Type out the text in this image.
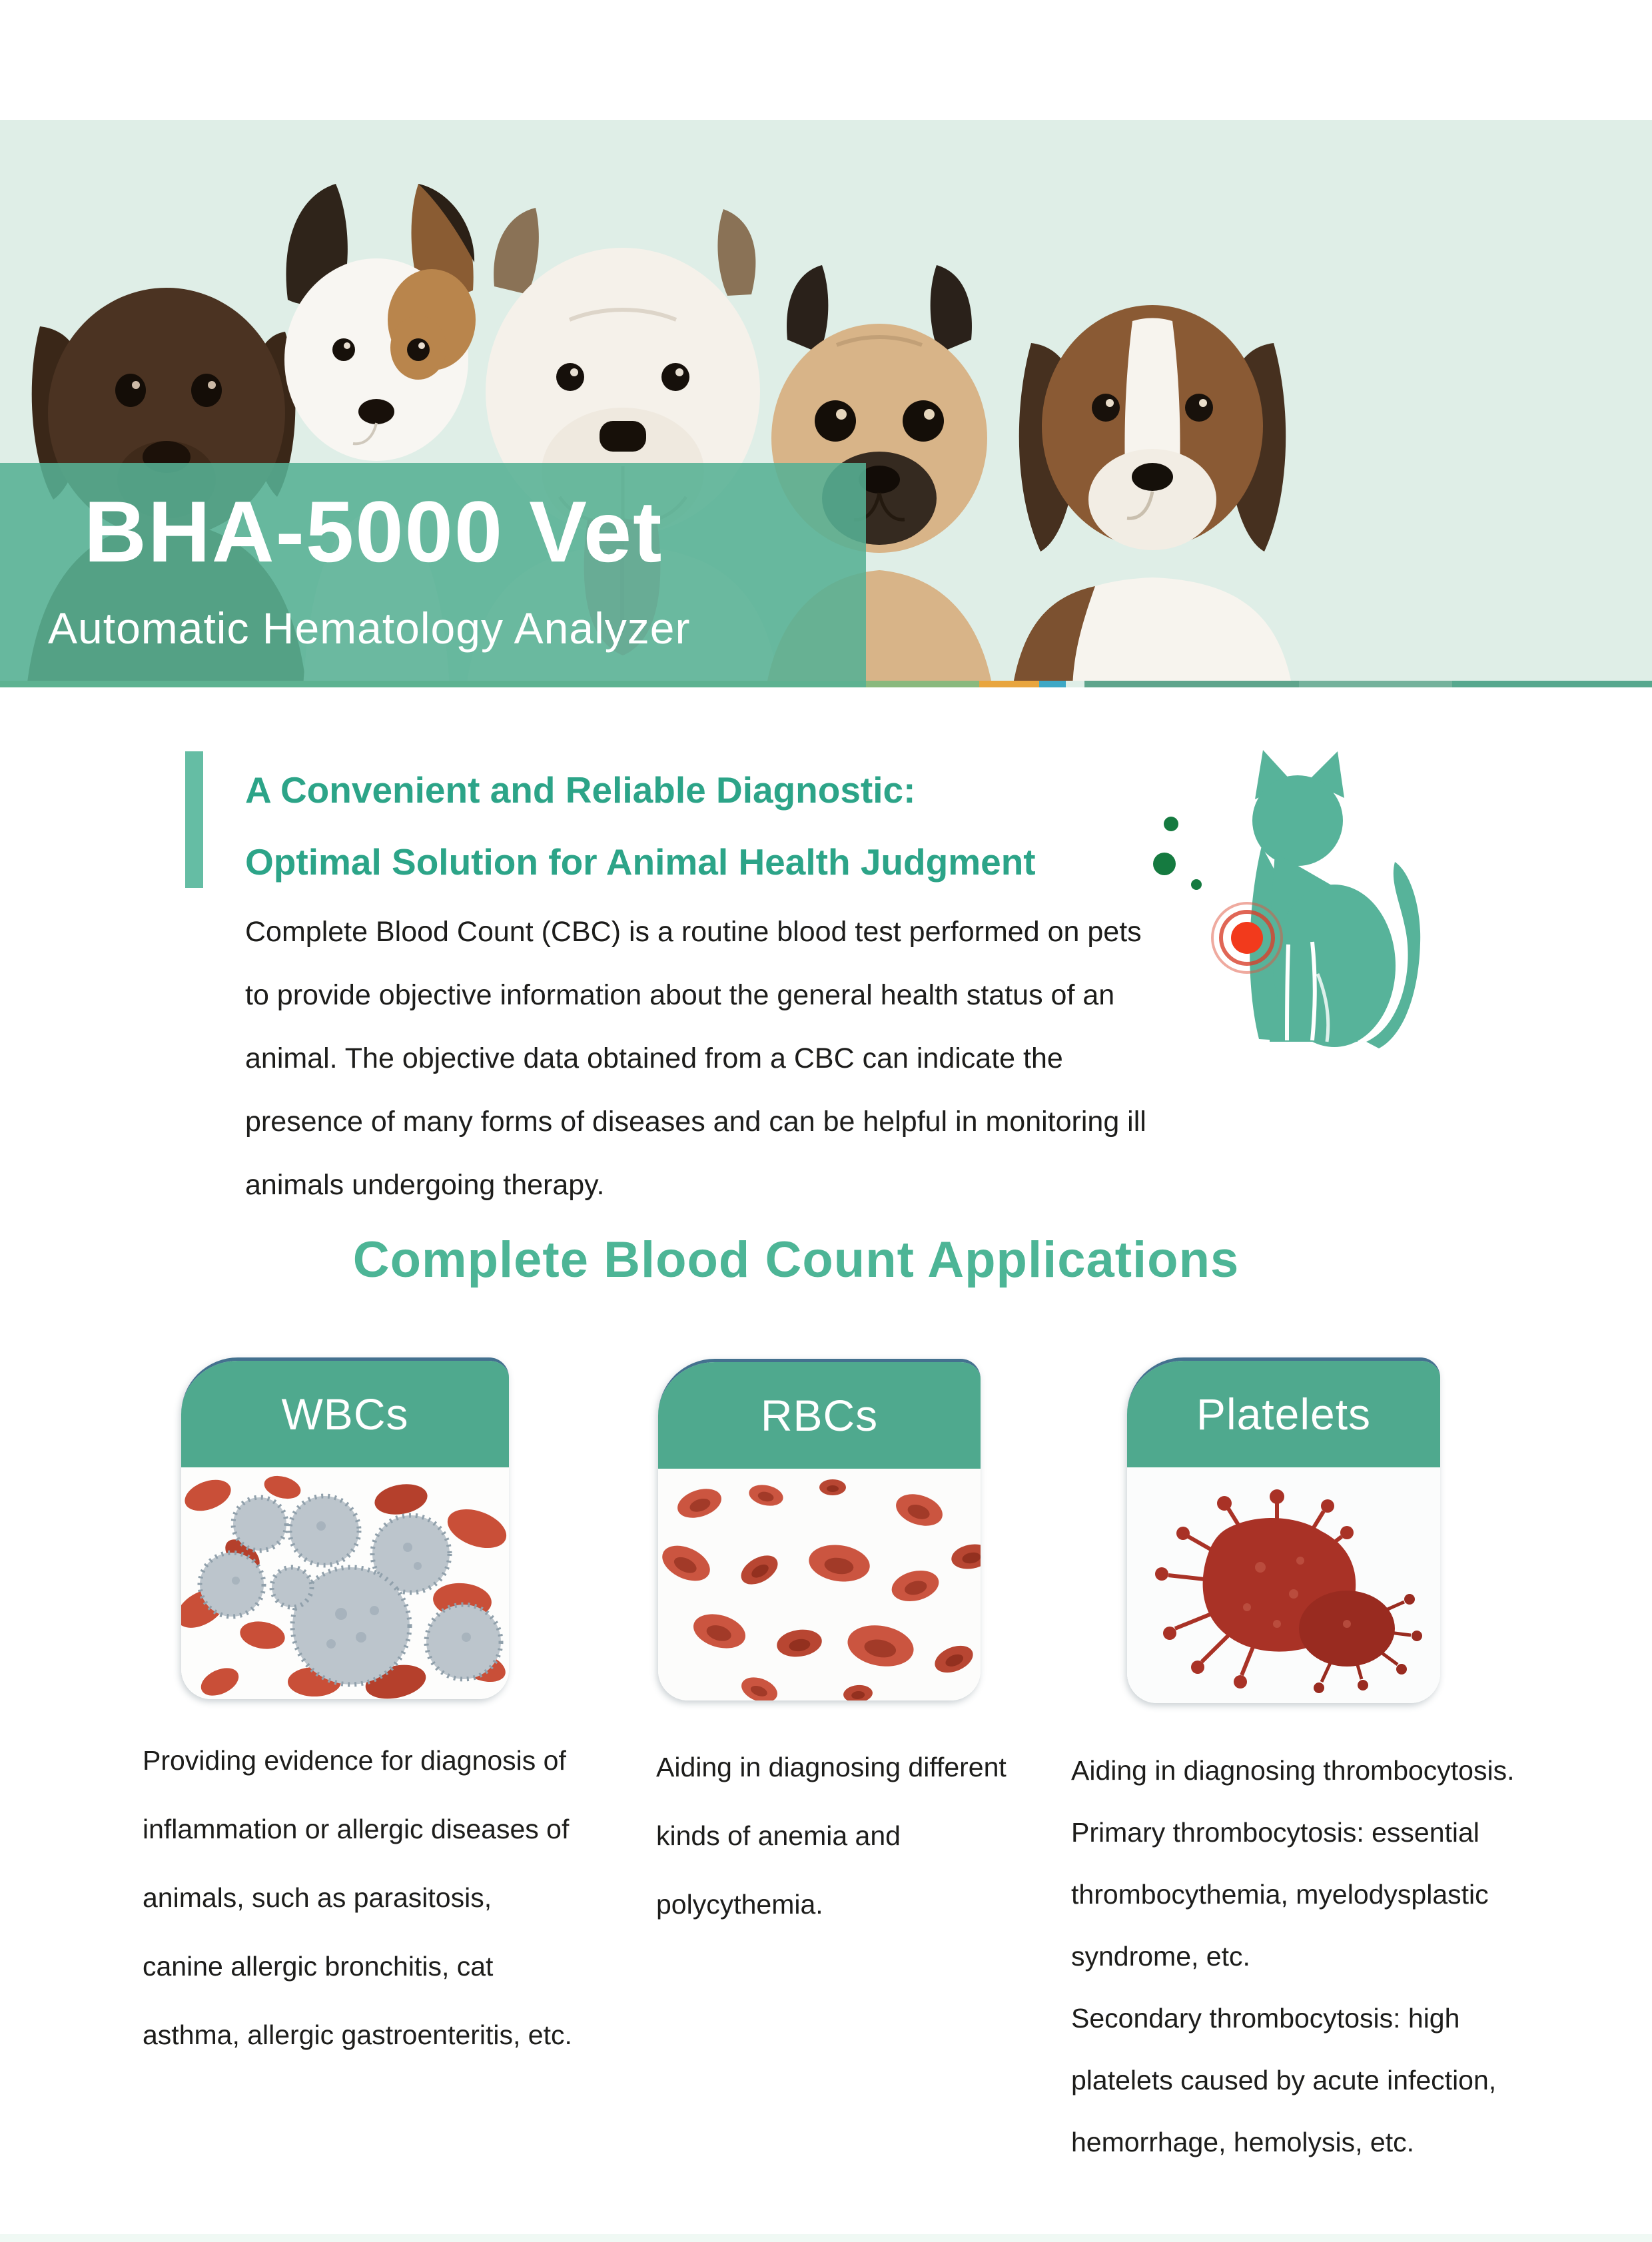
BHA-5000 Vet
Automatic Hematology Analyzer
A Convenient and Reliable Diagnostic:
Optimal Solution for Animal Health Judgment
Complete Blood Count (CBC) is a routine blood test performed on pets to provide objective information about the general health status of an animal. The objective data obtained from a CBC can indicate the presence of many forms of diseases and can be helpful in monitoring ill animals undergoing therapy.
Complete Blood Count Applications
WBCs	RBCs	Platelets

Providing evidence for diagnosis of inflammation or allergic diseases of animals, such as parasitosis, canine allergic bronchitis, cat asthma, allergic gastroenteritis, etc.

Aiding in diagnosing different kinds of anemia and polycythemia.

Aiding in diagnosing thrombocytosis.

Primary thrombocytosis: essential thrombocythemia, myelodysplastic syndrome, etc.

Secondary thrombocytosis: high platelets caused by acute infection, hemorrhage, hemolysis, etc.
